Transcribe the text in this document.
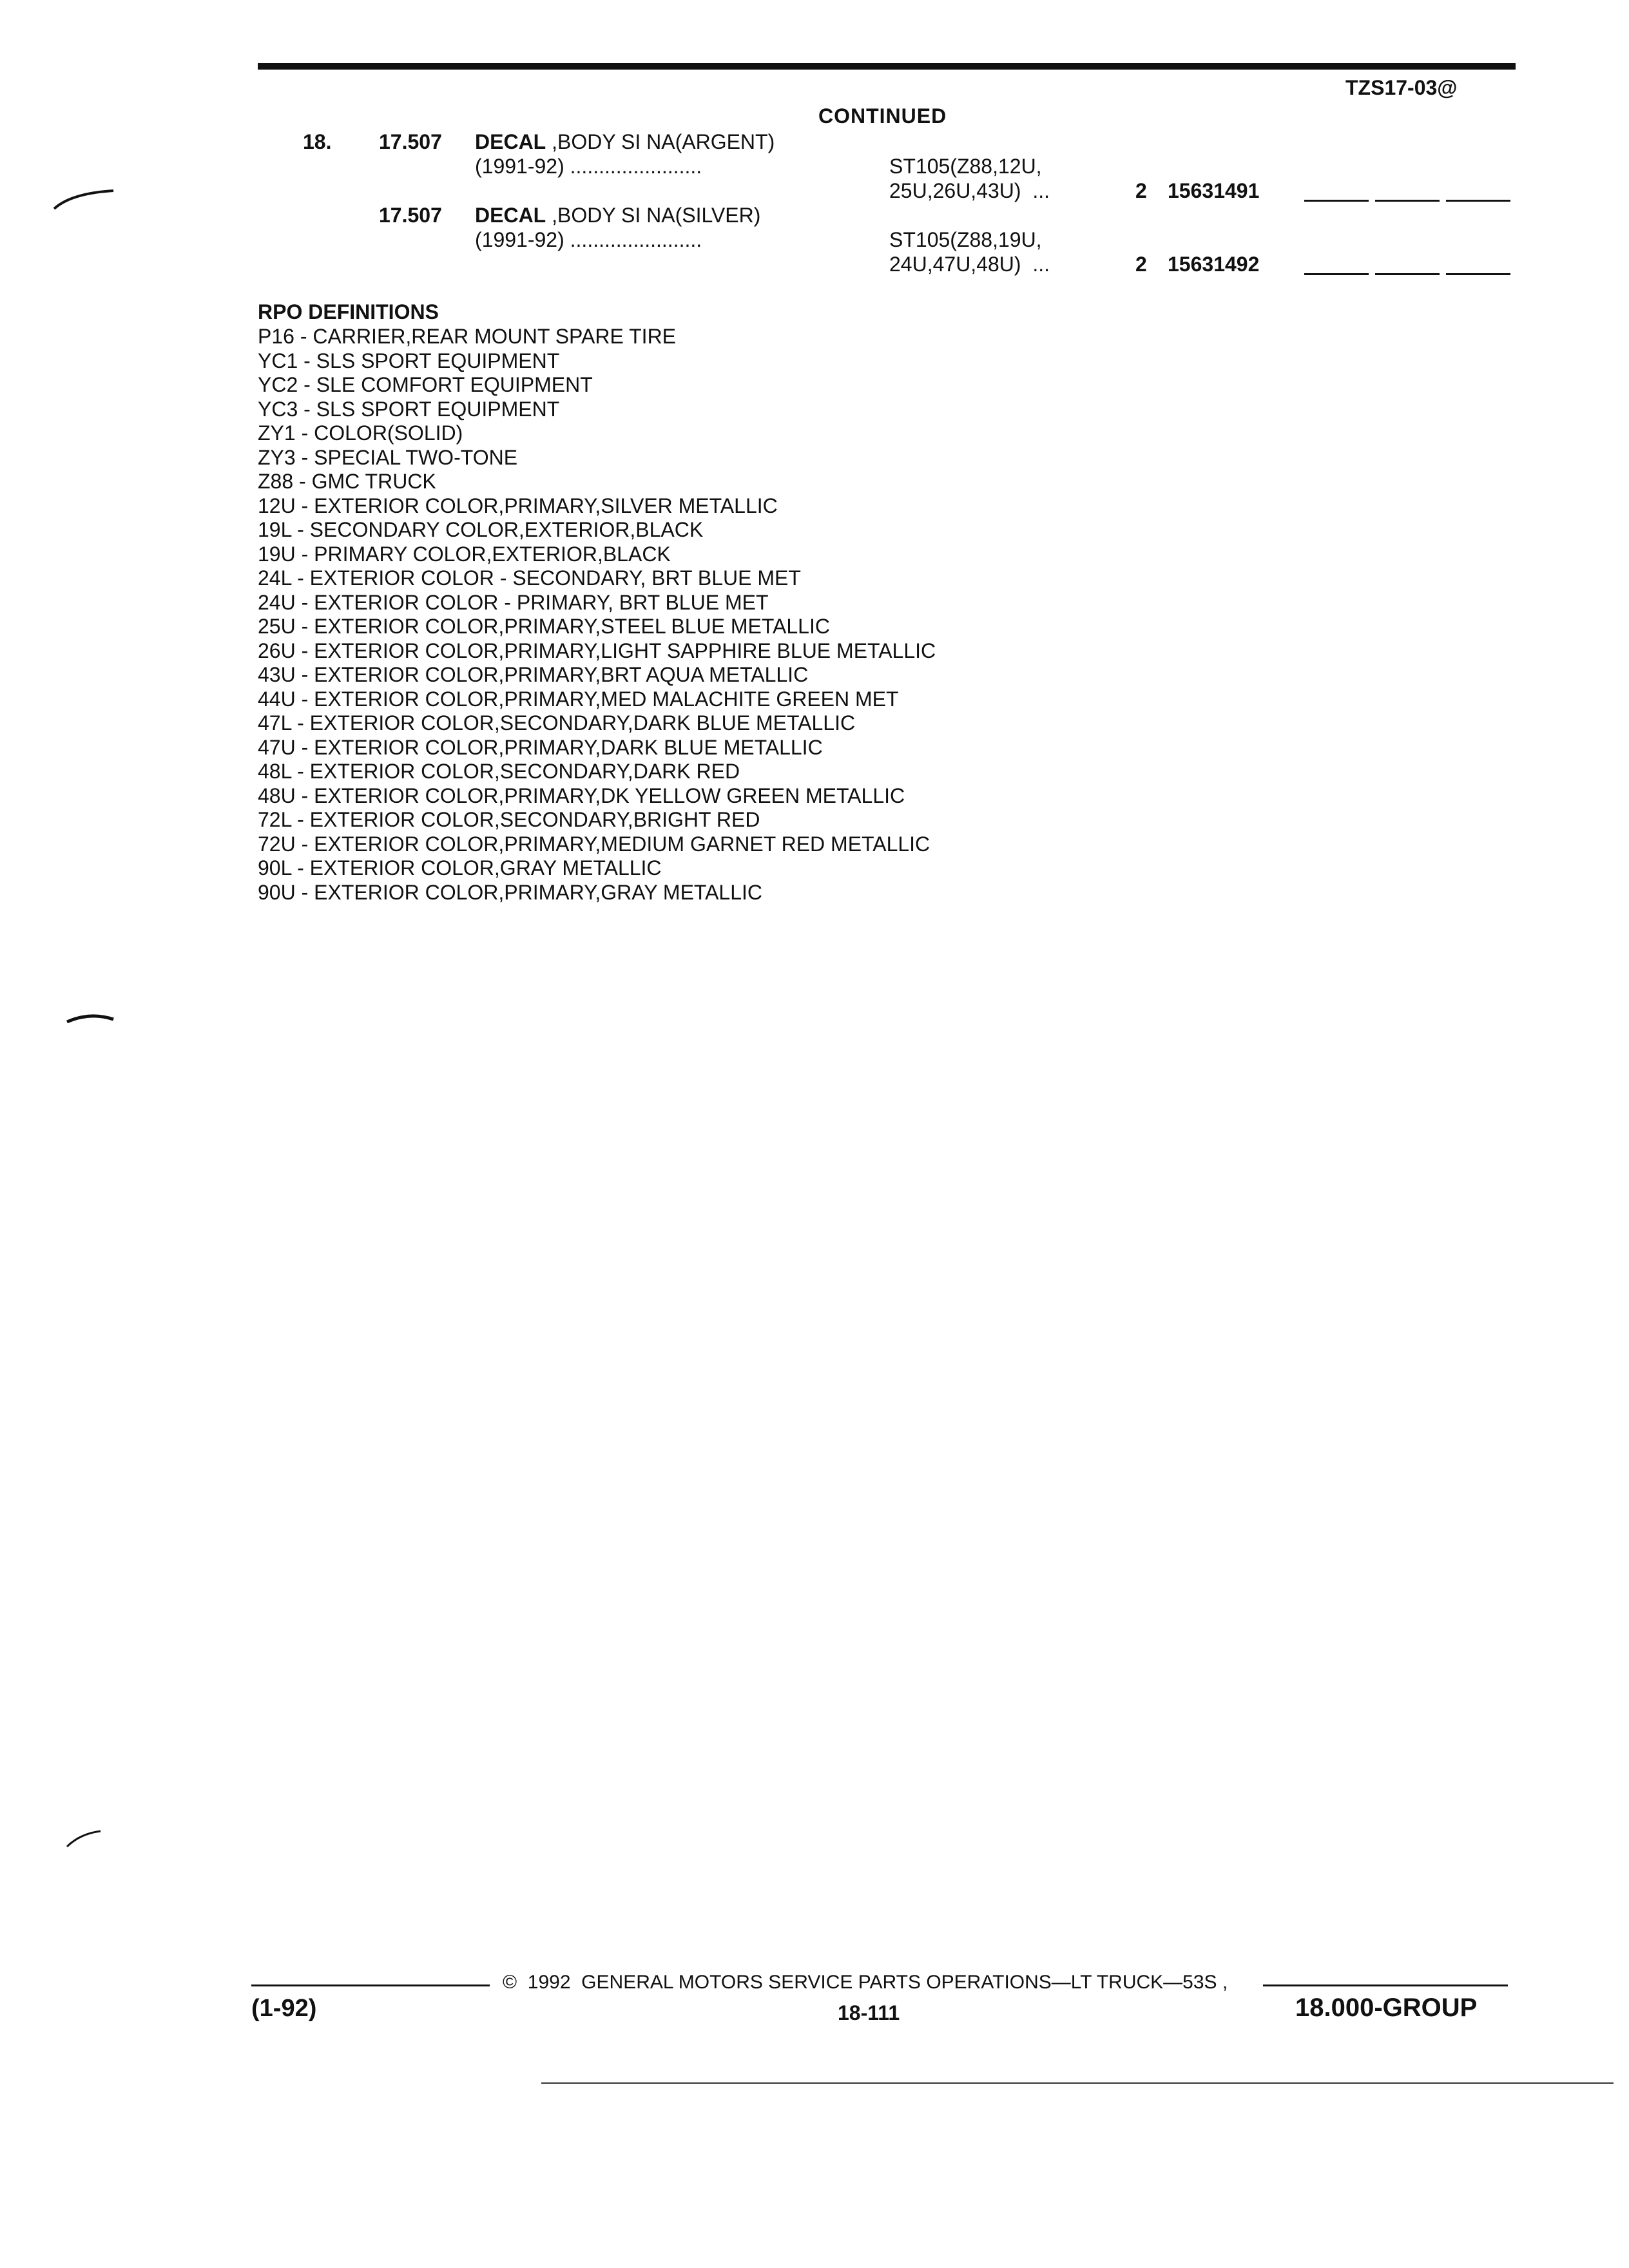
TZS17-03@
CONTINUED
18. 17.507 DECAL ,BODY SI NA(ARGENT)
(1991-92) .......................	ST105(Z88,12U,
25U,26U,43U)  ...	2 15631491
17.507 DECAL ,BODY SI NA(SILVER)
(1991-92) .......................	ST105(Z88,19U,
24U,47U,48U)  ...	2 15631492
RPO DEFINITIONS
P16 - CARRIER,REAR MOUNT SPARE TIRE
YC1 - SLS SPORT EQUIPMENT
YC2 - SLE COMFORT EQUIPMENT
YC3 - SLS SPORT EQUIPMENT
ZY1 - COLOR(SOLID)
ZY3 - SPECIAL TWO-TONE
Z88 - GMC TRUCK
12U - EXTERIOR COLOR,PRIMARY,SILVER METALLIC
19L - SECONDARY COLOR,EXTERIOR,BLACK
19U - PRIMARY COLOR,EXTERIOR,BLACK
24L - EXTERIOR COLOR - SECONDARY, BRT BLUE MET
24U - EXTERIOR COLOR - PRIMARY, BRT BLUE MET
25U - EXTERIOR COLOR,PRIMARY,STEEL BLUE METALLIC
26U - EXTERIOR COLOR,PRIMARY,LIGHT SAPPHIRE BLUE METALLIC
43U - EXTERIOR COLOR,PRIMARY,BRT AQUA METALLIC
44U - EXTERIOR COLOR,PRIMARY,MED MALACHITE GREEN MET
47L - EXTERIOR COLOR,SECONDARY,DARK BLUE METALLIC
47U - EXTERIOR COLOR,PRIMARY,DARK BLUE METALLIC
48L - EXTERIOR COLOR,SECONDARY,DARK RED
48U - EXTERIOR COLOR,PRIMARY,DK YELLOW GREEN METALLIC
72L - EXTERIOR COLOR,SECONDARY,BRIGHT RED
72U - EXTERIOR COLOR,PRIMARY,MEDIUM GARNET RED METALLIC
90L - EXTERIOR COLOR,GRAY METALLIC
90U - EXTERIOR COLOR,PRIMARY,GRAY METALLIC
©  1992  GENERAL MOTORS SERVICE PARTS OPERATIONS—LT TRUCK—53S ,
(1-92)	18-111	18.000-GROUP
